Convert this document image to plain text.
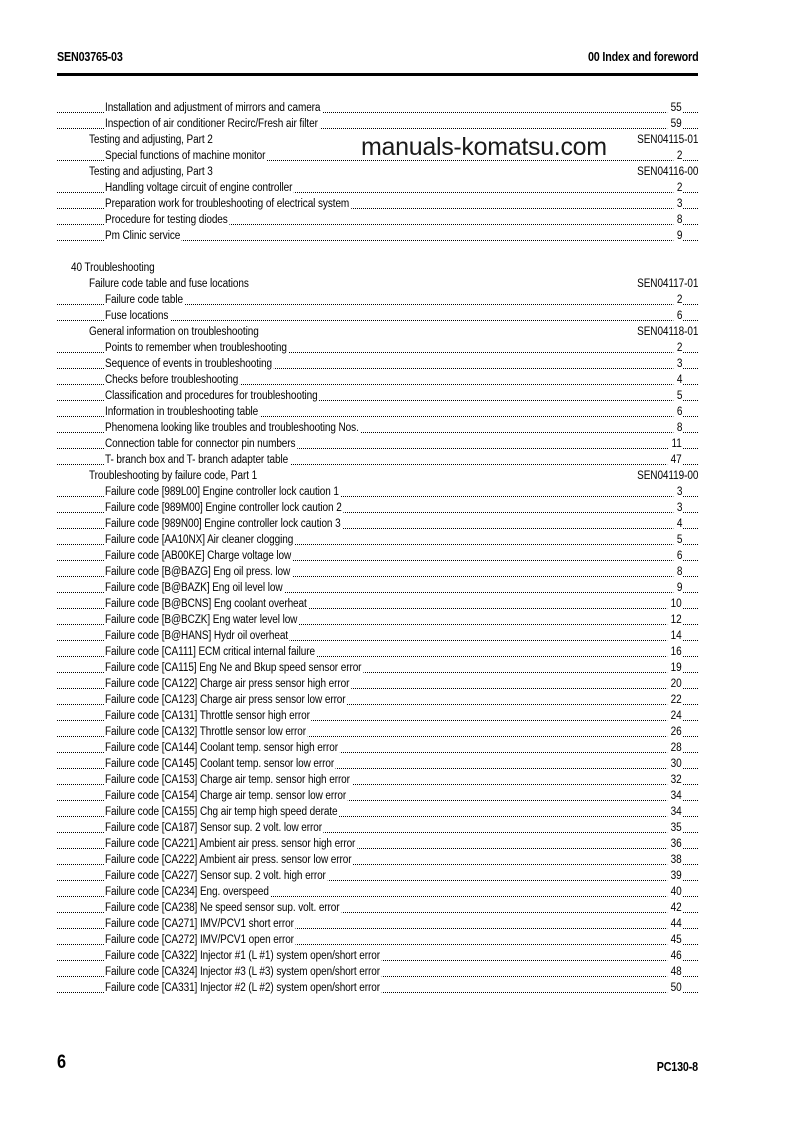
SEN03765-03	00 Index and foreword
Installation and adjustment of mirrors and camera	55
Inspection of air conditioner Recirc/Fresh air filter	59
Testing and adjusting, Part 2	SEN04115-01
Special functions of machine monitor	2
Testing and adjusting, Part 3	SEN04116-00
Handling voltage circuit of engine controller	2
Preparation work for troubleshooting of electrical system	3
Procedure for testing diodes	8
Pm Clinic service	9
40 Troubleshooting
Failure code table and fuse locations	SEN04117-01
Failure code table	2
Fuse locations	6
General information on troubleshooting	SEN04118-01
Points to remember when troubleshooting	2
Sequence of events in troubleshooting	3
Checks before troubleshooting	4
Classification and procedures for troubleshooting	5
Information in troubleshooting table	6
Phenomena looking like troubles and troubleshooting Nos.	8
Connection table for connector pin numbers	11
T- branch box and T- branch adapter table	47
Troubleshooting by failure code, Part 1	SEN04119-00
Failure code [989L00] Engine controller lock caution 1	3
Failure code [989M00] Engine controller lock caution 2	3
Failure code [989N00] Engine controller lock caution 3	4
Failure code [AA10NX] Air cleaner clogging	5
Failure code [AB00KE] Charge voltage low	6
Failure code [B@BAZG] Eng oil press. low	8
Failure code [B@BAZK] Eng oil level low	9
Failure code [B@BCNS] Eng coolant overheat	10
Failure code [B@BCZK] Eng water level low	12
Failure code [B@HANS] Hydr oil overheat	14
Failure code [CA111] ECM critical internal failure	16
Failure code [CA115] Eng Ne and Bkup speed sensor error	19
Failure code [CA122] Charge air press sensor high error	20
Failure code [CA123] Charge air press sensor low error	22
Failure code [CA131] Throttle sensor high error	24
Failure code [CA132] Throttle sensor low error	26
Failure code [CA144] Coolant temp. sensor high error	28
Failure code [CA145] Coolant temp. sensor low error	30
Failure code [CA153] Charge air temp. sensor high error	32
Failure code [CA154] Charge air temp. sensor low error	34
Failure code [CA155] Chg air temp high speed derate	34
Failure code [CA187] Sensor sup. 2 volt. low error	35
Failure code [CA221] Ambient air press. sensor high error	36
Failure code [CA222] Ambient air press. sensor low error	38
Failure code [CA227] Sensor sup. 2 volt. high error	39
Failure code [CA234] Eng. overspeed	40
Failure code [CA238] Ne speed sensor sup. volt. error	42
Failure code [CA271] IMV/PCV1 short error	44
Failure code [CA272] IMV/PCV1 open error	45
Failure code [CA322] Injector #1 (L #1) system open/short error	46
Failure code [CA324] Injector #3 (L #3) system open/short error	48
Failure code [CA331] Injector #2 (L #2) system open/short error	50
manuals-komatsu.com
6	PC130-8
